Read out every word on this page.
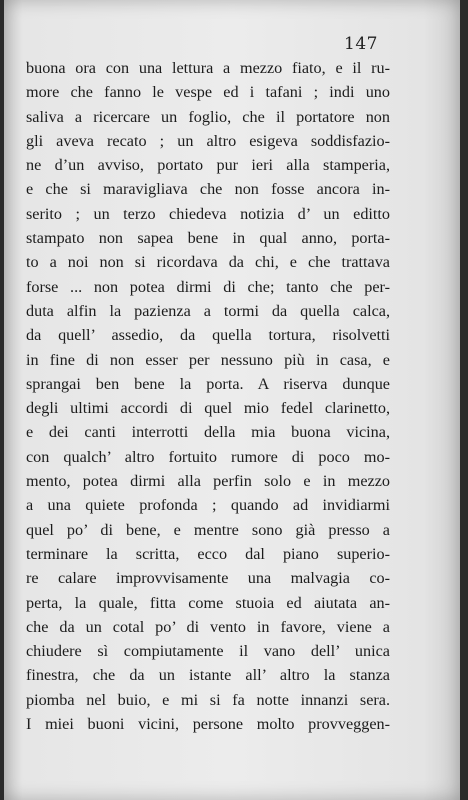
147
buona ora con una lettura a mezzo fiato, e il ru-
more che fanno le vespe ed i tafani ; indi uno
saliva a ricercare un foglio, che il portatore non
gli aveva recato ; un altro esigeva soddisfazio-
ne d’un avviso, portato pur ieri alla stamperia,
e che si maravigliava che non fosse ancora in-
serito ; un terzo chiedeva notizia d’ un editto
stampato non sapea bene in qual anno, porta-
to a noi non si ricordava da chi, e che trattava
forse ... non potea dirmi di che; tanto che per-
duta alfin la pazienza a tormi da quella calca,
da quell’ assedio, da quella tortura, risolvetti
in fine di non esser per nessuno più in casa, e
sprangai ben bene la porta. A riserva dunque
degli ultimi accordi di quel mio fedel clarinetto,
e dei canti interrotti della mia buona vicina,
con qualch’ altro fortuito rumore di poco mo-
mento, potea dirmi alla perfin solo e in mezzo
a una quiete profonda ; quando ad invidiarmi
quel po’ di bene, e mentre sono già presso a
terminare la scritta, ecco dal piano superio-
re calare improvvisamente una malvagia co-
perta, la quale, fitta come stuoia ed aiutata an-
che da un cotal po’ di vento in favore, viene a
chiudere sì compiutamente il vano dell’ unica
finestra, che da un istante all’ altro la stanza
piomba nel buio, e mi si fa notte innanzi sera.
I miei buoni vicini, persone molto provveggen-
